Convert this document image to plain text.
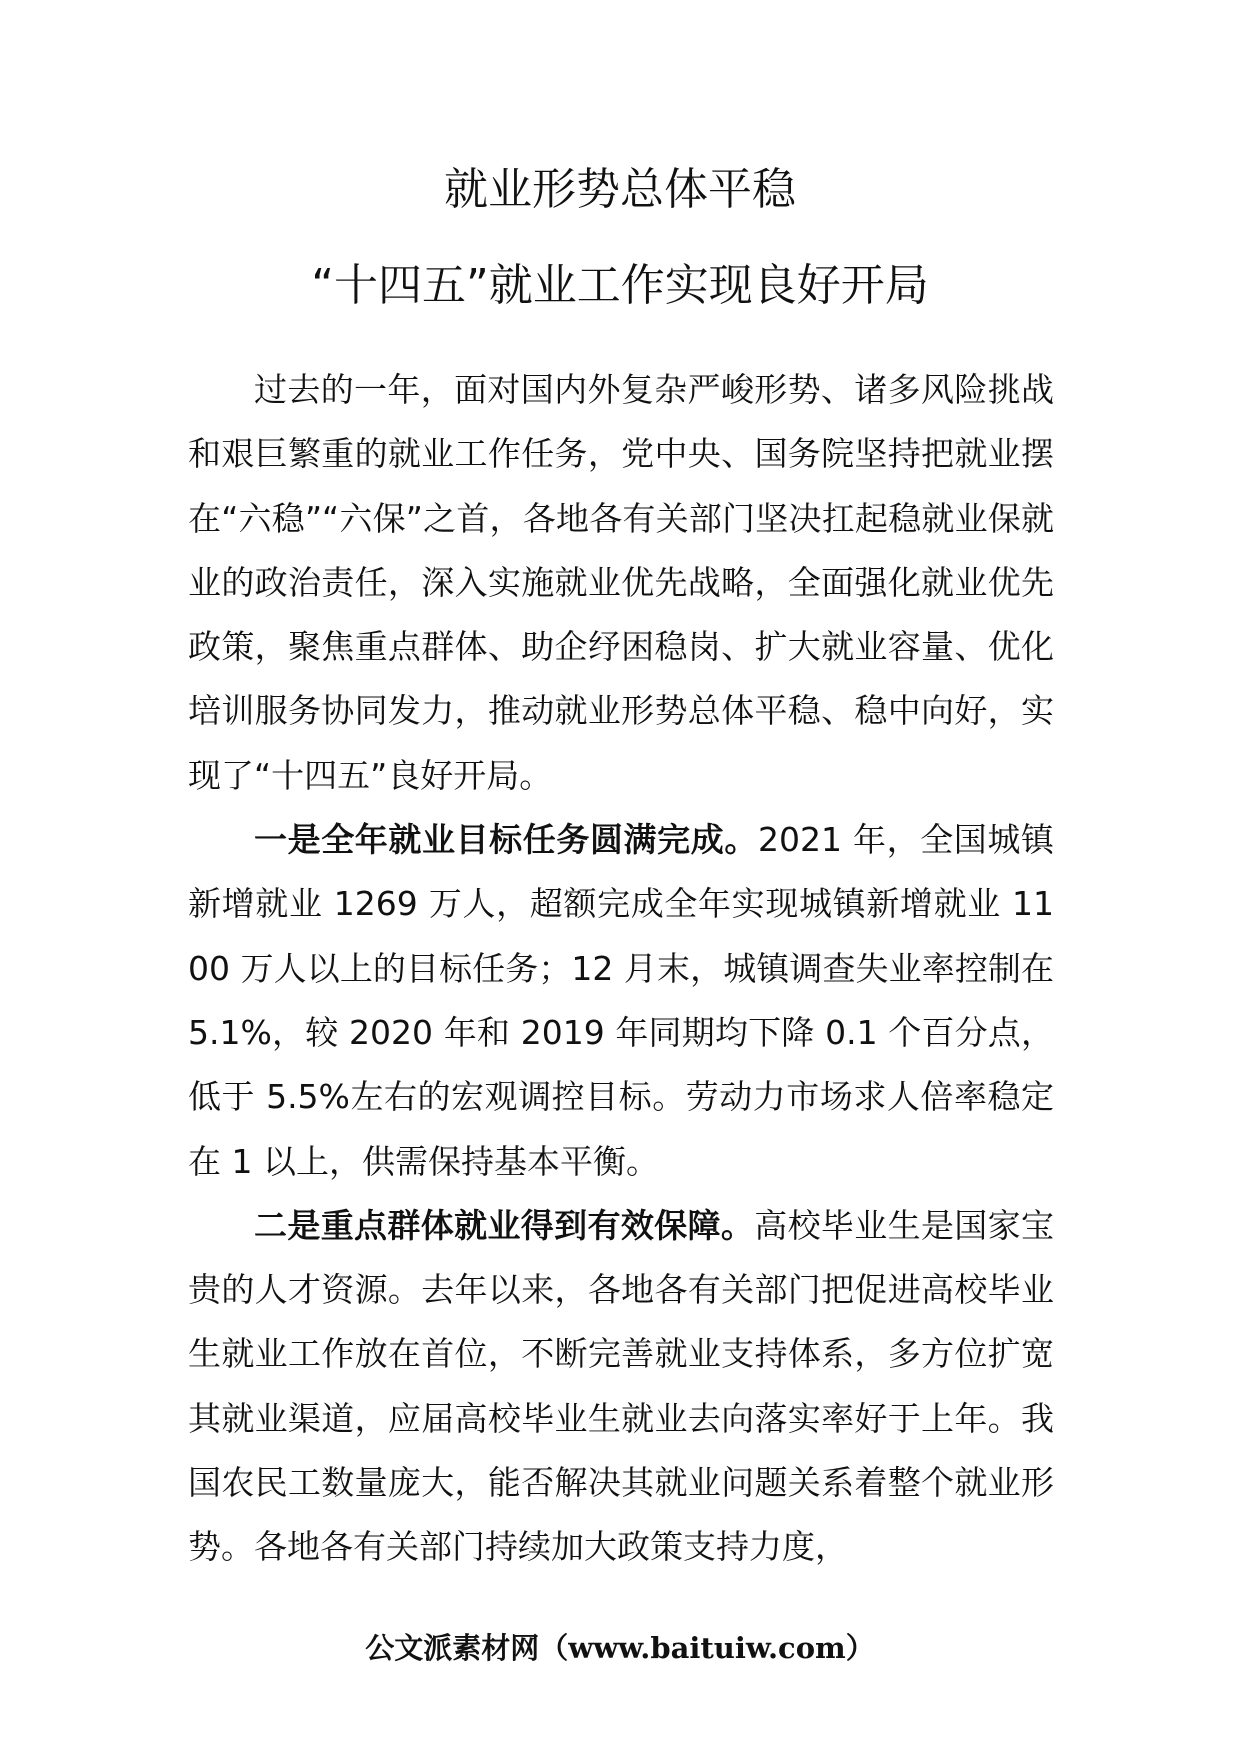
就业形势总体平稳
“十四五”就业工作实现良好开局

过去的一年，面对国内外复杂严峻形势、诸多风险挑战和艰巨繁重的就业工作任务，党中央、国务院坚持把就业摆在“六稳”“六保”之首，各地各有关部门坚决扛起稳就业保就业的政治责任，深入实施就业优先战略，全面强化就业优先政策，聚焦重点群体、助企纾困稳岗、扩大就业容量、优化培训服务协同发力，推动就业形势总体平稳、稳中向好，实现了“十四五”良好开局。

一是全年就业目标任务圆满完成。2021 年，全国城镇新增就业 1269 万人，超额完成全年实现城镇新增就业 1100 万人以上的目标任务；12 月末，城镇调查失业率控制在 5.1%，较 2020 年和 2019 年同期均下降 0.1 个百分点，低于 5.5%左右的宏观调控目标。劳动力市场求人倍率稳定在 1 以上，供需保持基本平衡。

二是重点群体就业得到有效保障。高校毕业生是国家宝贵的人才资源。去年以来，各地各有关部门把促进高校毕业生就业工作放在首位，不断完善就业支持体系，多方位扩宽其就业渠道，应届高校毕业生就业去向落实率好于上年。我国农民工数量庞大，能否解决其就业问题关系着整个就业形势。各地各有关部门持续加大政策支持力度，

公文派素材网（www.baituiw.com）
